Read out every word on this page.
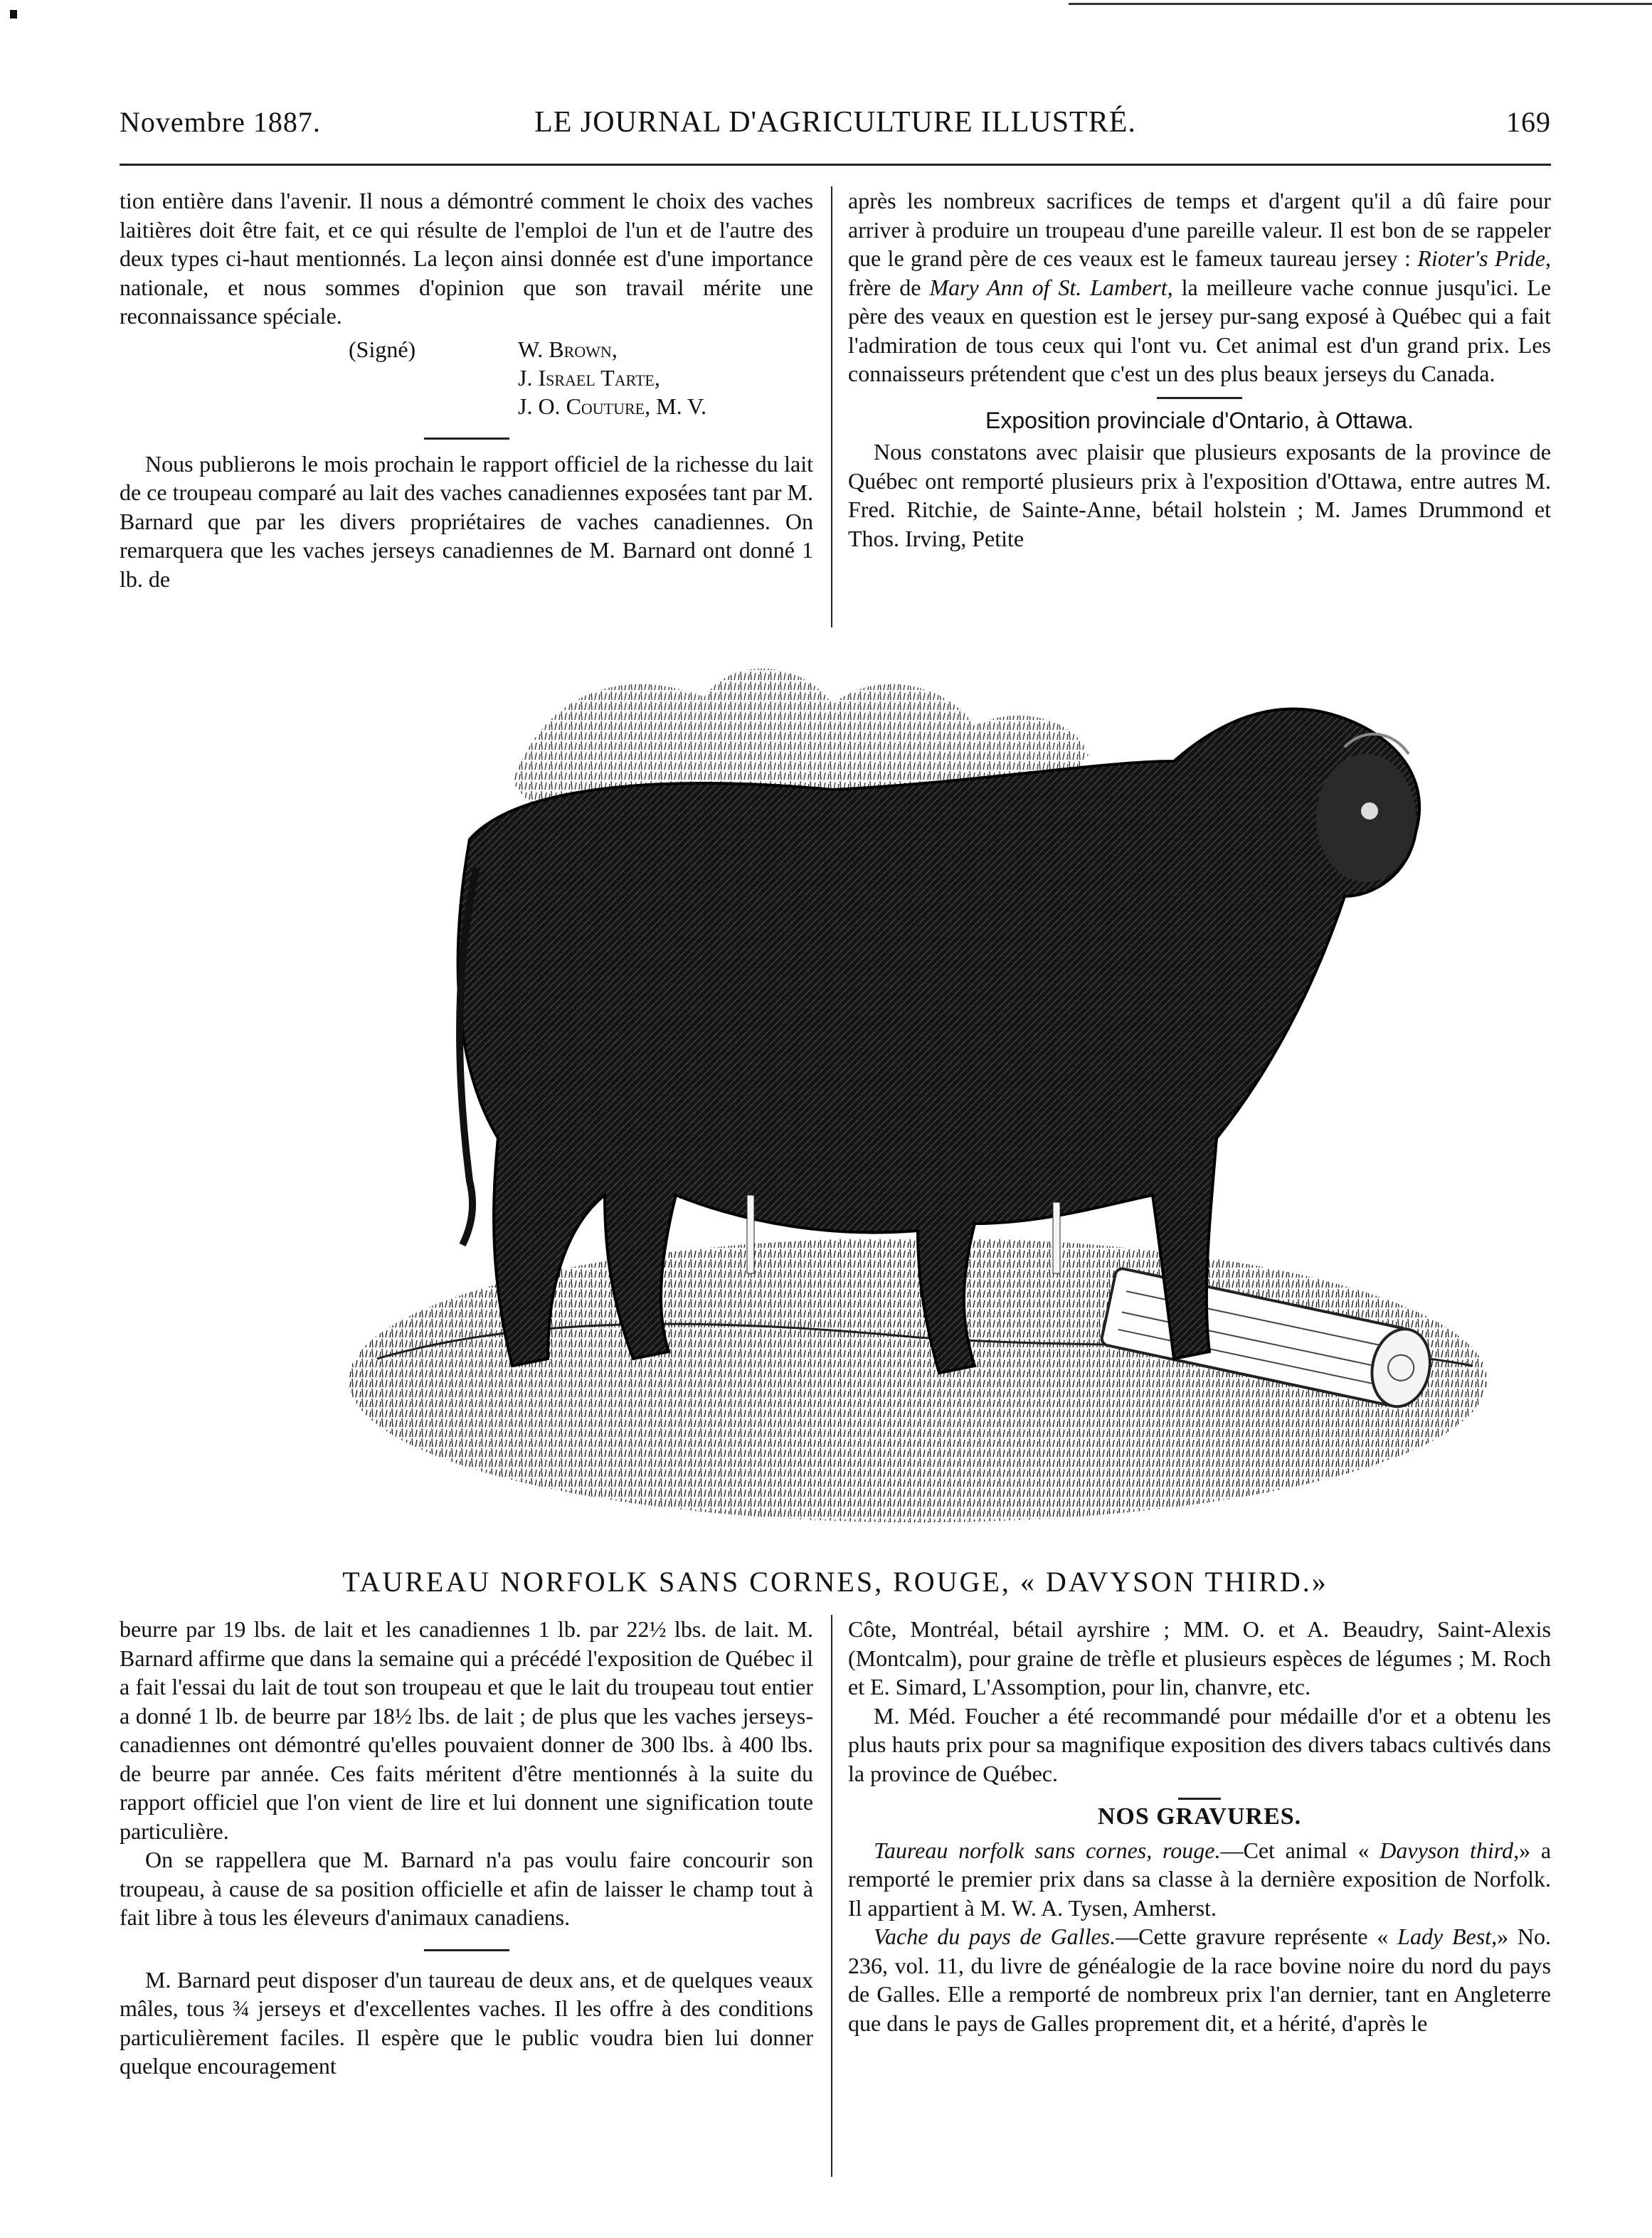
Novembre 1887.	LE JOURNAL D'AGRICULTURE ILLUSTRÉ.	169

tion entière dans l'avenir. Il nous a démontré comment le choix des vaches laitières doit être fait, et ce qui résulte de l'emploi de l'un et de l'autre des deux types ci-haut mentionnés. La leçon ainsi donnée est d'une importance nationale, et nous sommes d'opinion que son travail mérite une reconnaissance spéciale.

(Signé)	W. Brown,
J. Israel Tarte,
J. O. Couture, M. V.

Nous publierons le mois prochain le rapport officiel de la richesse du lait de ce troupeau comparé au lait des vaches canadiennes exposées tant par M. Barnard que par les divers propriétaires de vaches canadiennes. On remarquera que les vaches jerseys canadiennes de M. Barnard ont donné 1 lb. de

après les nombreux sacrifices de temps et d'argent qu'il a dû faire pour arriver à produire un troupeau d'une pareille valeur. Il est bon de se rappeler que le grand père de ces veaux est le fameux taureau jersey : Rioter's Pride, frère de Mary Ann of St. Lambert, la meilleure vache connue jusqu'ici. Le père des veaux en question est le jersey pur-sang exposé à Québec qui a fait l'admiration de tous ceux qui l'ont vu. Cet animal est d'un grand prix. Les connaisseurs prétendent que c'est un des plus beaux jerseys du Canada.

Exposition provinciale d'Ontario, à Ottawa.

Nous constatons avec plaisir que plusieurs exposants de la province de Québec ont remporté plusieurs prix à l'exposition d'Ottawa, entre autres M. Fred. Ritchie, de Sainte-Anne, bétail holstein ; M. James Drummond et Thos. Irving, Petite

TAUREAU NORFOLK SANS CORNES, ROUGE, « DAVYSON THIRD.»

beurre par 19 lbs. de lait et les canadiennes 1 lb. par 22½ lbs. de lait. M. Barnard affirme que dans la semaine qui a précédé l'exposition de Québec il a fait l'essai du lait de tout son troupeau et que le lait du troupeau tout entier a donné 1 lb. de beurre par 18½ lbs. de lait ; de plus que les vaches jerseys-canadiennes ont démontré qu'elles pouvaient donner de 300 lbs. à 400 lbs. de beurre par année. Ces faits méritent d'être mentionnés à la suite du rapport officiel que l'on vient de lire et lui donnent une signification toute particulière.

On se rappellera que M. Barnard n'a pas voulu faire concourir son troupeau, à cause de sa position officielle et afin de laisser le champ tout à fait libre à tous les éleveurs d'animaux canadiens.

M. Barnard peut disposer d'un taureau de deux ans, et de quelques veaux mâles, tous ¾ jerseys et d'excellentes vaches. Il les offre à des conditions particulièrement faciles. Il espère que le public voudra bien lui donner quelque encouragement

Côte, Montréal, bétail ayrshire ; MM. O. et A. Beaudry, Saint-Alexis (Montcalm), pour graine de trèfle et plusieurs espèces de légumes ; M. Roch et E. Simard, L'Assomption, pour lin, chanvre, etc.

M. Méd. Foucher a été recommandé pour médaille d'or et a obtenu les plus hauts prix pour sa magnifique exposition des divers tabacs cultivés dans la province de Québec.

NOS GRAVURES.

Taureau norfolk sans cornes, rouge.—Cet animal « Davyson third,» a remporté le premier prix dans sa classe à la dernière exposition de Norfolk. Il appartient à M. W. A. Tysen, Amherst.

Vache du pays de Galles.—Cette gravure représente « Lady Best,» No. 236, vol. 11, du livre de généalogie de la race bovine noire du nord du pays de Galles. Elle a remporté de nombreux prix l'an dernier, tant en Angleterre que dans le pays de Galles proprement dit, et a hérité, d'après le
